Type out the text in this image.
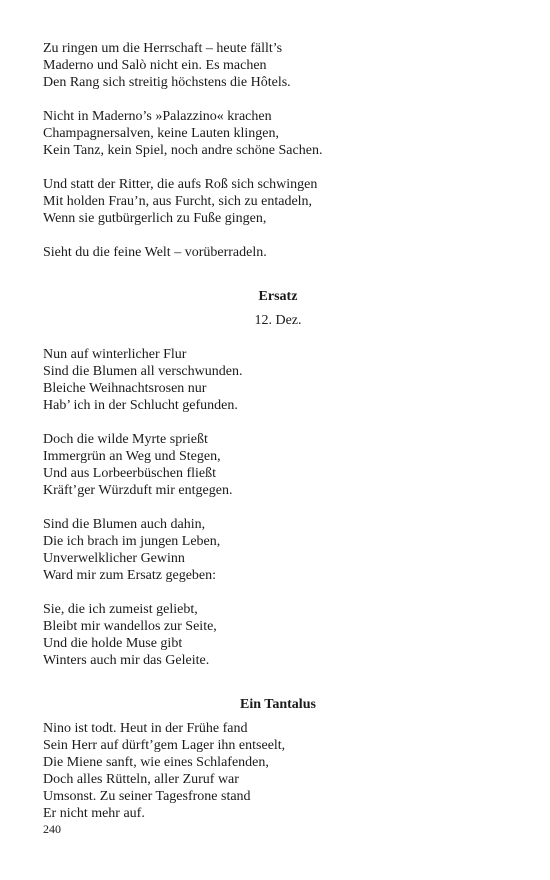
Zu ringen um die Herrschaft – heute fällt’s
Maderno und Salò nicht ein. Es machen
Den Rang sich streitig höchstens die Hôtels.
Nicht in Maderno’s »Palazzino« krachen
Champagnersalven, keine Lauten klingen,
Kein Tanz, kein Spiel, noch andre schöne Sachen.
Und statt der Ritter, die aufs Roß sich schwingen
Mit holden Frau’n, aus Furcht, sich zu entadeln,
Wenn sie gutbürgerlich zu Fuße gingen,
Sieht du die feine Welt – vorüberradeln.
Ersatz
12. Dez.
Nun auf winterlicher Flur
Sind die Blumen all verschwunden.
Bleiche Weihnachtsrosen nur
Hab’ ich in der Schlucht gefunden.
Doch die wilde Myrte sprießt
Immergrün an Weg und Stegen,
Und aus Lorbeerbüschen fließt
Kräft’ger Würzduft mir entgegen.
Sind die Blumen auch dahin,
Die ich brach im jungen Leben,
Unverwelklicher Gewinn
Ward mir zum Ersatz gegeben:
Sie, die ich zumeist geliebt,
Bleibt mir wandellos zur Seite,
Und die holde Muse gibt
Winters auch mir das Geleite.
Ein Tantalus
Nino ist todt. Heut in der Frühe fand
Sein Herr auf dürft’gem Lager ihn entseelt,
Die Miene sanft, wie eines Schlafenden,
Doch alles Rütteln, aller Zuruf war
Umsonst. Zu seiner Tagesfrone stand
Er nicht mehr auf.
240
